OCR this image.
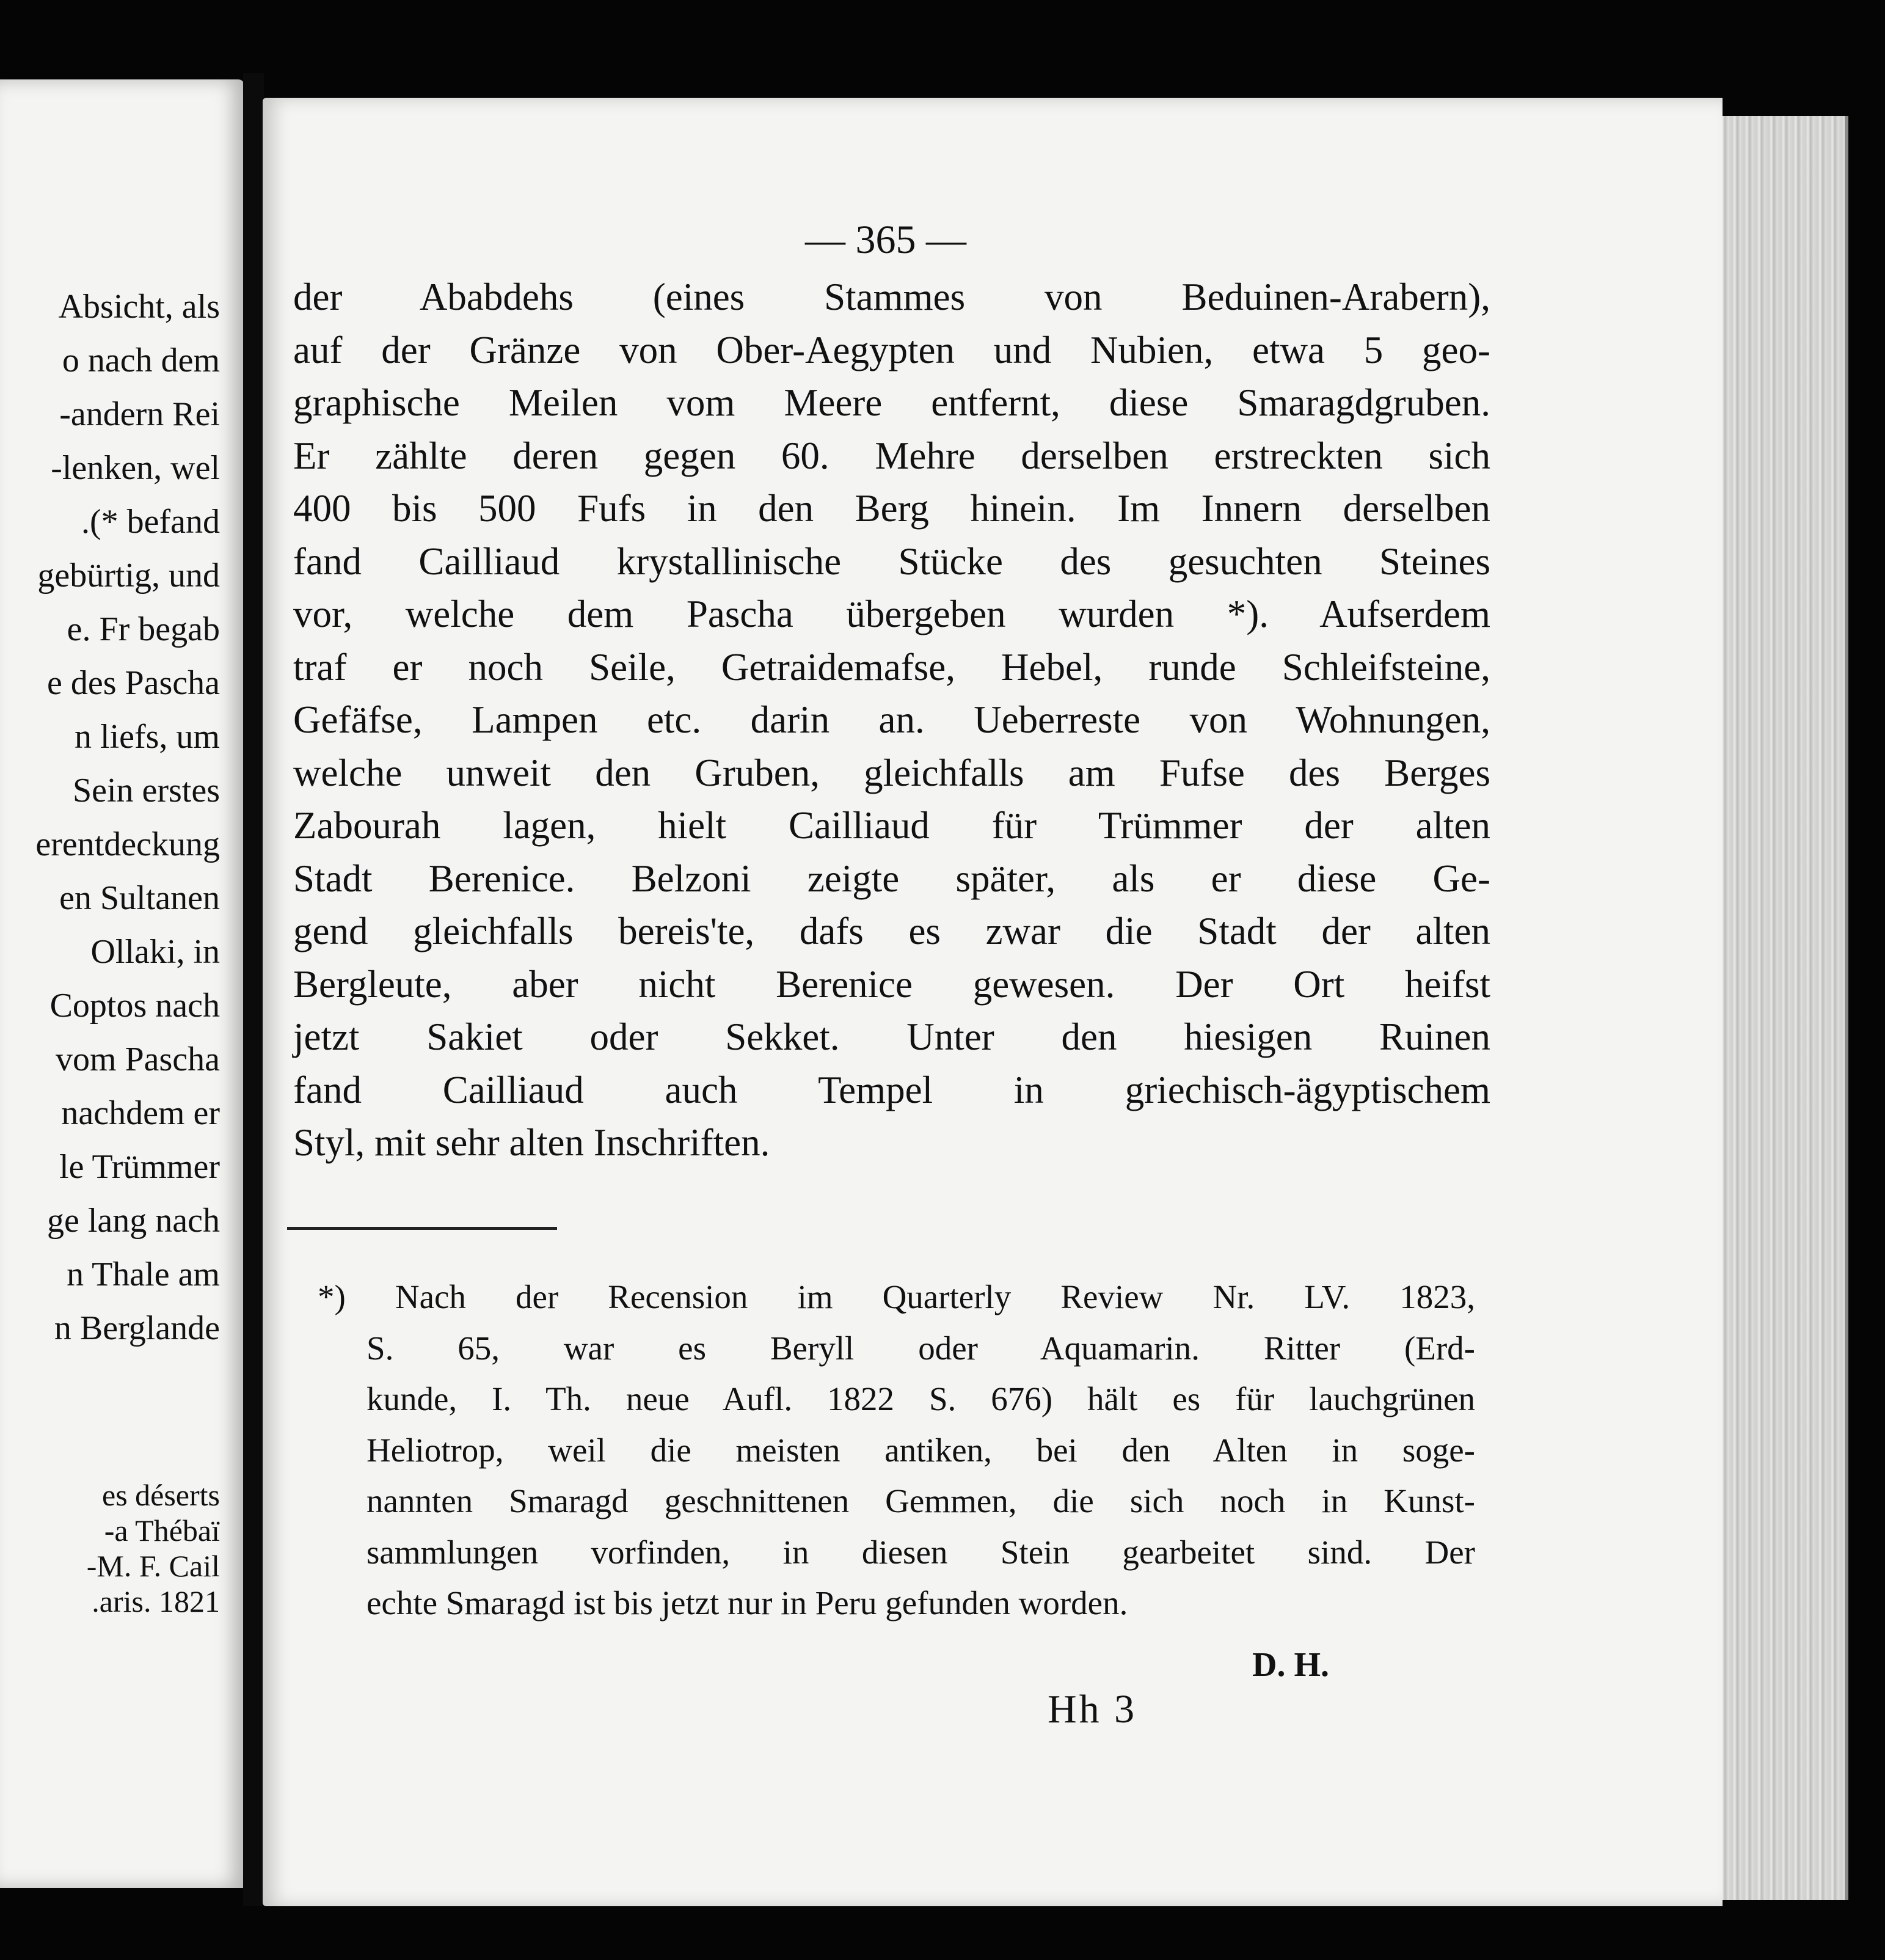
Absicht, als
o nach dem
andern Rei-
lenken, wel-
befand *).
gebürtig, und
e. Fr begab
e des Pascha
n liefs, um
Sein erstes
erentdeckung
en Sultanen
Ollaki, in
Coptos nach
vom Pascha
nachdem er
le Trümmer
ge lang nach
n Thale am
n Berglande
es déserts
a Thébaï-
M. F. Cail-
aris. 1821.
— 365 —
der Ababdehs (eines Stammes von Beduinen-Arabern),
auf der Gränze von Ober-Aegypten und Nubien, etwa 5 geo-
graphische Meilen vom Meere entfernt, diese Smaragdgruben.
Er zählte deren gegen 60. Mehre derselben erstreckten sich
400 bis 500 Fufs in den Berg hinein. Im Innern derselben
fand Cailliaud krystallinische Stücke des gesuchten Steines
vor, welche dem Pascha übergeben wurden *). Aufserdem
traf er noch Seile, Getraidemafse, Hebel, runde Schleifsteine,
Gefäfse, Lampen etc. darin an. Ueberreste von Wohnungen,
welche unweit den Gruben, gleichfalls am Fufse des Berges
Zabourah lagen, hielt Cailliaud für Trümmer der alten
Stadt Berenice. Belzoni zeigte später, als er diese Ge-
gend gleichfalls bereis'te, dafs es zwar die Stadt der alten
Bergleute, aber nicht Berenice gewesen. Der Ort heifst
jetzt Sakiet oder Sekket. Unter den hiesigen Ruinen
fand Cailliaud auch Tempel in griechisch-ägyptischem
Styl, mit sehr alten Inschriften.
*) Nach der Recension im Quarterly Review Nr. LV. 1823,
S. 65, war es Beryll oder Aquamarin. Ritter (Erd-
kunde, I. Th. neue Aufl. 1822 S. 676) hält es für lauchgrünen
Heliotrop, weil die meisten antiken, bei den Alten in soge-
nannten Smaragd geschnittenen Gemmen, die sich noch in Kunst-
sammlungen vorfinden, in diesen Stein gearbeitet sind. Der
echte Smaragd ist bis jetzt nur in Peru gefunden worden.
D. H.
Hh 3
